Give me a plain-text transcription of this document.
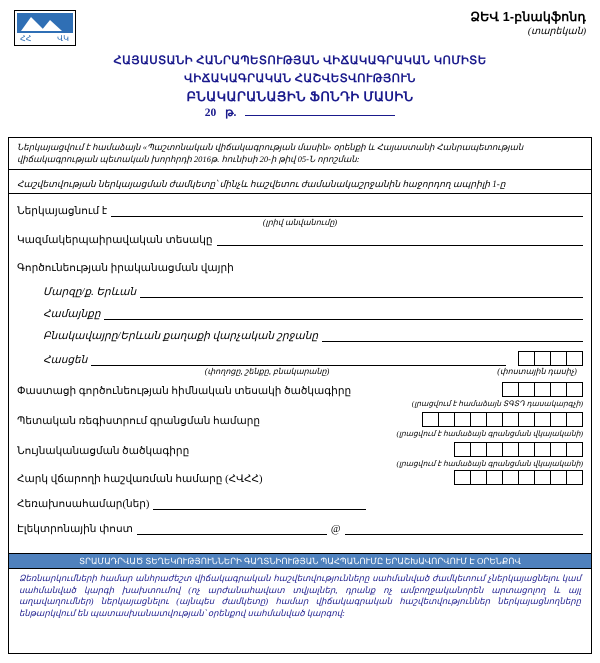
ՀՀ	ՎԿ
ՁԵՎ 1-բնակֆոնդ
(տարեկան)
ՀԱՅԱՍՏԱՆԻ ՀԱՆՐԱՊԵՏՈՒԹՅԱՆ ՎԻՃԱԿԱԳՐԱԿԱՆ ԿՈՄԻՏԵ
ՎԻՃԱԿԱԳՐԱԿԱՆ ՀԱՇՎԵՏՎՈՒԹՅՈՒՆ
ԲՆԱԿԱՐԱՆԱՅԻՆ ՖՈՆԴԻ ՄԱՍԻՆ
20 թ.
Ներկայացվում է համաձայն «Պաշտոնական վիճակագրության մասին» օրենքի և Հայաստանի Հանրապետության վիճակագրության պետական խորհրդի 2016թ. հունիսի 20-ի թիվ 05-Ն որոշման:
Հաշվետվության ներկայացման ժամկետը՝ մինչև հաշվետու ժամանակաշրջանին հաջորդող ապրիլի 1-ը
Ներկայացնում է
(լրիվ անվանումը)
Կազմակերպաիրավական տեսակը
Գործունեության իրականացման վայրի
Մարզը/ք. Երևան
Համայնքը
Բնակավայրը/Երևան քաղաքի վարչական շրջանը
Հասցեն
(փողոցը, շենքը, բնակարանը)	(փոստային դասիչ)
Փաստացի գործունեության հիմնական տեսակի ծածկագիրը
(լրացվում է համաձայն ՏԳՏԴ դասակարգչի)
Պետական ռեգիստրում գրանցման համարը
(լրացվում է համաձայն գրանցման վկայականի)
Նույնականացման ծածկագիրը
(լրացվում է համաձայն գրանցման վկայականի)
Հարկ վճարողի հաշվառման համարը (ՀՎՀՀ)
Հեռախոսահամար(ներ)
Էլեկտրոնային փոստ	@
ՏՐԱՄԱԴՐՎԱԾ ՏԵՂԵԿՈՒԹՅՈՒՆՆԵՐԻ ԳԱՂՏՆԻՈՒԹՅԱՆ ՊԱՀՊԱՆՈՒՄԸ ԵՐԱՇԽԱՎՈՐՎՈՒՄ Է ՕՐԵՆՔՈՎ
Ձեռնարկումների համար անհրաժեշտ վիճակագրական հաշվետվությունները սահմանված ժամկետում չներկայացնելու կամ սահմանված կարգի խախտումով (ոչ արժանահավատ տվյալներ, դրանք ոչ ամբողջականորեն արտացոլող և այլ աղավաղումներ) ներկայացնելու (այնպես ժամկետը) համար վիճակագրական հաշվետվություններ ներկայացնողները ենթարկվում են պատասխանատվության՝ օրենքով սահմանված կարգով:
